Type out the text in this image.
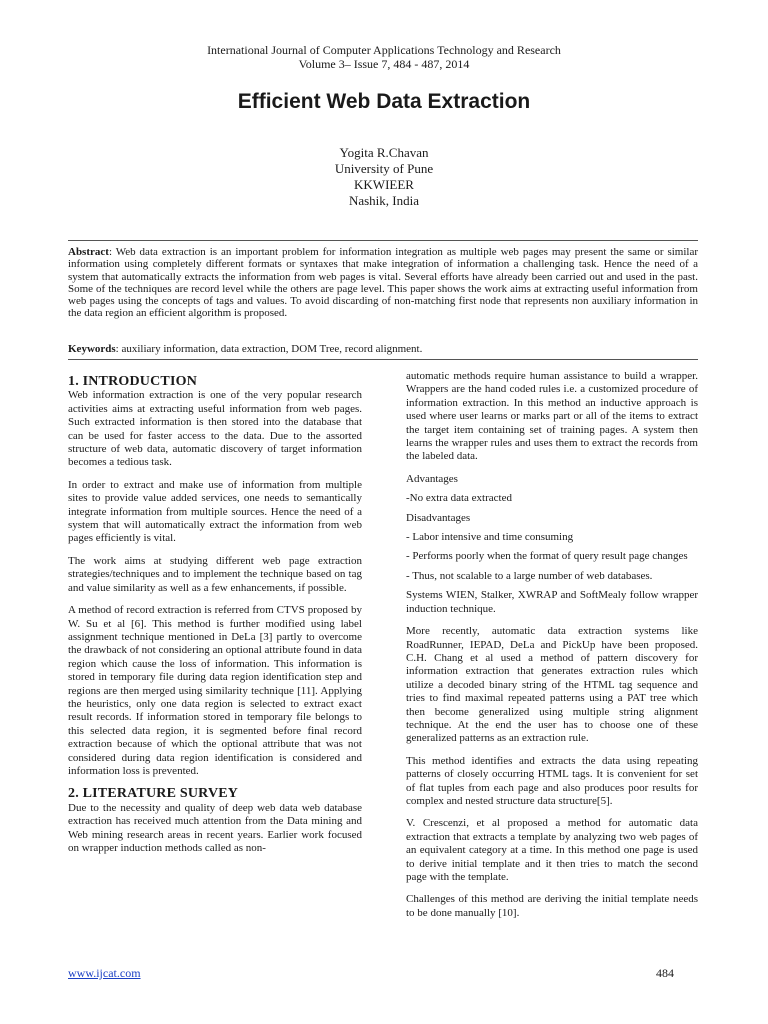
International Journal of Computer Applications Technology and Research
Volume 3– Issue 7, 484 - 487, 2014
Efficient Web Data Extraction
Yogita R.Chavan
University of Pune
KKWIEER
Nashik, India
Abstract: Web data extraction is an important problem for information integration as multiple web pages may present the same or similar information using completely different formats or syntaxes that make integration of information a challenging task. Hence the need of a system that automatically extracts the information from web pages is vital. Several efforts have already been carried out and used in the past. Some of the techniques are record level while the others are page level. This paper shows the work aims at extracting useful information from web pages using the concepts of tags and values. To avoid discarding of non-matching first node that represents non auxiliary information in the data region an efficient algorithm is proposed.
Keywords: auxiliary information, data extraction, DOM Tree, record alignment.
1. INTRODUCTION

Web information extraction is one of the very popular research activities aims at extracting useful information from web pages. Such extracted information is then stored into the database that can be used for faster access to the data. Due to the assorted structure of web data, automatic discovery of target information becomes a tedious task.

In order to extract and make use of information from multiple sites to provide value added services, one needs to semantically integrate information from multiple sources. Hence the need of a system that will automatically extract the information from web pages efficiently is vital.

The work aims at studying different web page extraction strategies/techniques and to implement the technique based on tag and value similarity as well as a few enhancements, if possible.

A method of record extraction is referred from CTVS proposed by W. Su et al [6]. This method is further modified using label assignment technique mentioned in DeLa [3] partly to overcome the drawback of not considering an optional attribute found in data region which cause the loss of information. This information is stored in temporary file during data region identification step and regions are then merged using similarity technique [11]. Applying the heuristics, only one data region is selected to extract exact result records. If information stored in temporary file belongs to this selected data region, it is segmented before final record extraction because of which the optional attribute that was not considered during data region identification is considered and information loss is prevented.

2. LITERATURE SURVEY

Due to the necessity and quality of deep web data web database extraction has received much attention from the Data mining and Web mining research areas in recent years. Earlier work focused on wrapper induction methods called as non-

automatic methods require human assistance to build a wrapper. Wrappers are the hand coded rules i.e. a customized procedure of information extraction. In this method an inductive approach is used where user learns or marks part or all of the items to extract the target item containing set of training pages. A system then learns the wrapper rules and uses them to extract the records from the labeled data.

Advantages

-No extra data extracted

Disadvantages

- Labor intensive and time consuming

- Performs poorly when the format of query result page changes

- Thus, not scalable to a large number of web databases.

Systems WIEN, Stalker, XWRAP and SoftMealy follow wrapper induction technique.

More recently, automatic data extraction systems like RoadRunner, IEPAD, DeLa and PickUp have been proposed. C.H. Chang et al used a method of pattern discovery for information extraction that generates extraction rules which utilize a decoded binary string of the HTML tag sequence and tries to find maximal repeated patterns using a PAT tree which then become generalized using multiple string alignment technique. At the end the user has to choose one of these generalized patterns as an extraction rule.

This method identifies and extracts the data using repeating patterns of closely occurring HTML tags. It is convenient for set of flat tuples from each page and also produces poor results for complex and nested structure data structure[5].

V. Crescenzi, et al proposed a method for automatic data extraction that extracts a template by analyzing two web pages of an equivalent category at a time. In this method one page is used to derive initial template and it then tries to match the second page with the template.

Challenges of this method are deriving the initial template needs to be done manually [10].

www.ijcat.com	484
